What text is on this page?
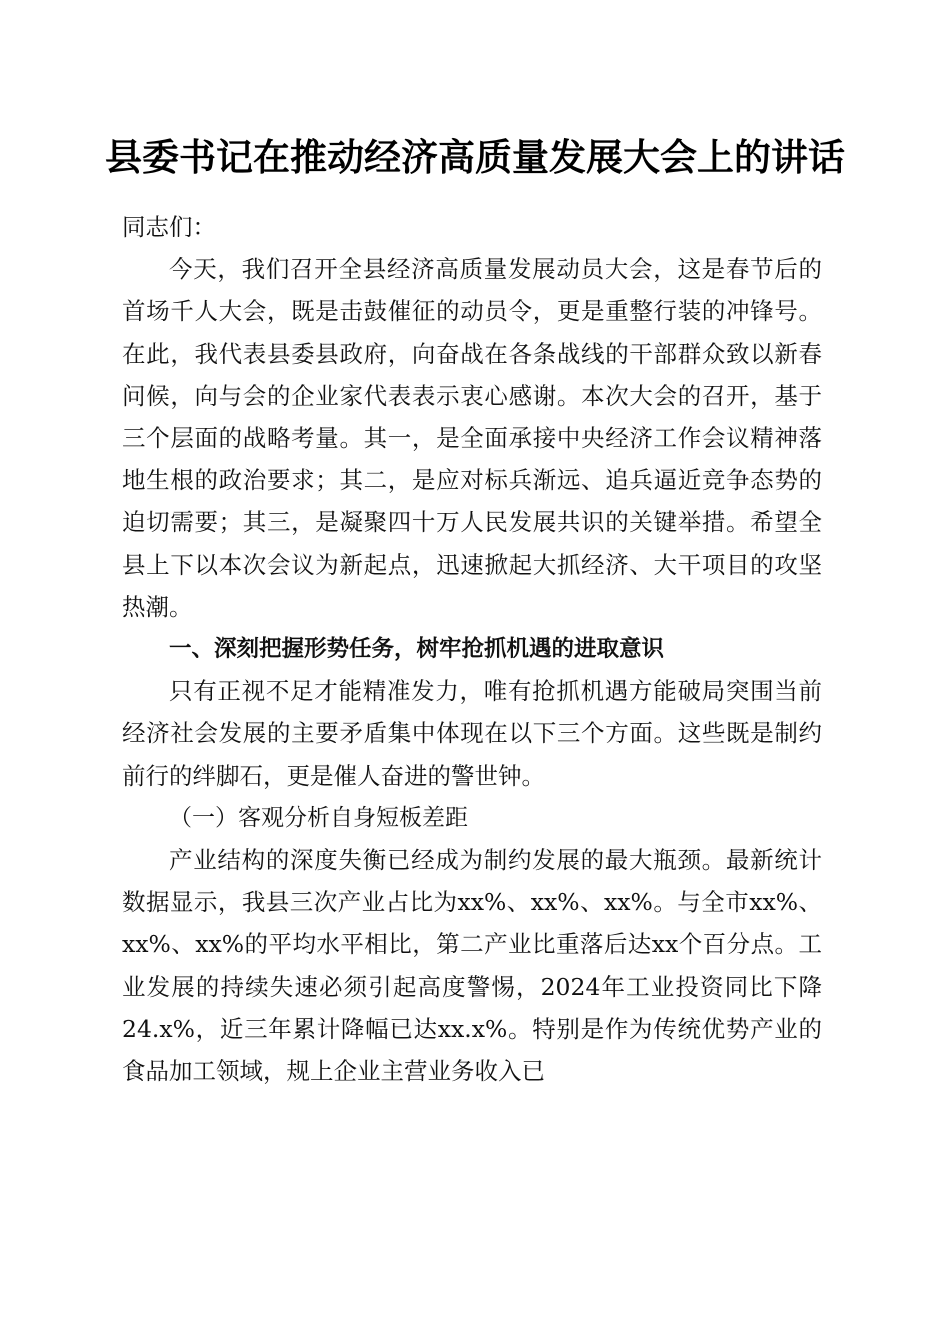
县委书记在推动经济高质量发展大会上的讲话

同志们：

今天，我们召开全县经济高质量发展动员大会，这是春节后的首场千人大会，既是击鼓催征的动员令，更是重整行装的冲锋号。在此，我代表县委县政府，向奋战在各条战线的干部群众致以新春问候，向与会的企业家代表表示衷心感谢。本次大会的召开，基于三个层面的战略考量。其一，是全面承接中央经济工作会议精神落地生根的政治要求；其二，是应对标兵渐远、追兵逼近竞争态势的迫切需要；其三，是凝聚四十万人民发展共识的关键举措。希望全县上下以本次会议为新起点，迅速掀起大抓经济、大干项目的攻坚热潮。

一、深刻把握形势任务，树牢抢抓机遇的进取意识

只有正视不足才能精准发力，唯有抢抓机遇方能破局突围当前经济社会发展的主要矛盾集中体现在以下三个方面。这些既是制约前行的绊脚石，更是催人奋进的警世钟。

（一）客观分析自身短板差距

产业结构的深度失衡已经成为制约发展的最大瓶颈。最新统计数据显示，我县三次产业占比为xx%、xx%、xx%。与全市xx%、xx%、xx%的平均水平相比，第二产业比重落后达xx个百分点。工业发展的持续失速必须引起高度警惕，2024年工业投资同比下降24.x%，近三年累计降幅已达xx.x%。特别是作为传统优势产业的食品加工领域，规上企业主营业务收入已
